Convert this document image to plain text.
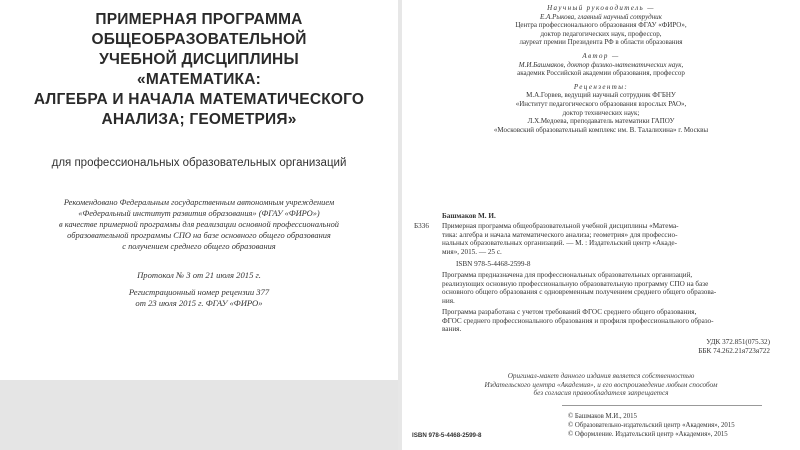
ПРИМЕРНАЯ ПРОГРАММА
ОБЩЕОБРАЗОВАТЕЛЬНОЙ
УЧЕБНОЙ ДИСЦИПЛИНЫ
«МАТЕМАТИКА:
АЛГЕБРА И НАЧАЛА МАТЕМАТИЧЕСКОГО
АНАЛИЗА; ГЕОМЕТРИЯ»
для профессиональных образовательных организаций
Рекомендовано Федеральным государственным автономным учреждением
«Федеральный институт развития образования» (ФГАУ «ФИРО»)
в качестве примерной программы для реализации основной профессиональной
образовательной программы СПО на базе основного общего образования
с получением среднего общего образования
Протокол № 3 от 21 июля 2015 г.
Регистрационный номер рецензии 377
от 23 июля 2015 г. ФГАУ «ФИРО»
Научный руководитель —
Е.А.Рыкова, главный научный сотрудник
Центра профессионального образования ФГАУ «ФИРО»,
доктор педагогических наук, профессор,
лауреат премии Президента РФ в области образования
Автор —
М.И.Башмаков, доктор физико-математических наук,
академик Российской академии образования, профессор
Рецензенты:
М.А.Горвев, ведущий научный сотрудник ФГБНУ
«Институт педагогического образования взрослых РАО»,
доктор технических наук;
Л.Х.Медоева, преподаватель математики ГАПОУ
«Московский образовательный комплекс им. В. Талалихина» г. Москвы
Башмаков М. И.
Б336 Примерная программа общеобразовательной учебной дисциплины «Матема-
тика: алгебра и начала математического анализа; геометрия» для профессио-
нальных образовательных организаций. — М. : Издательский центр «Акаде-
мия», 2015. — 25 с.
ISBN 978-5-4468-2599-8
Программа предназначена для профессиональных образовательных организаций,
реализующих основную профессиональную образовательную программу СПО на базе
основного общего образования с одновременным получением среднего общего образова-
ния.
Программа разработана с учетом требований ФГОС среднего общего образования,
ФГОС среднего профессионального образования и профиля профессионального образо-
вания.
УДК 372.851(075.32)
ББК 74.262.21я723я722
Оригинал-макет данного издания является собственностью
Издательского центра «Академия», и его воспроизведение любым способом
без согласия правообладателя запрещается
ISBN 978-5-4468-2599-8
© Башмаков М.И., 2015
© Образовательно-издательский центр «Академия», 2015
© Оформление. Издательский центр «Академия», 2015
